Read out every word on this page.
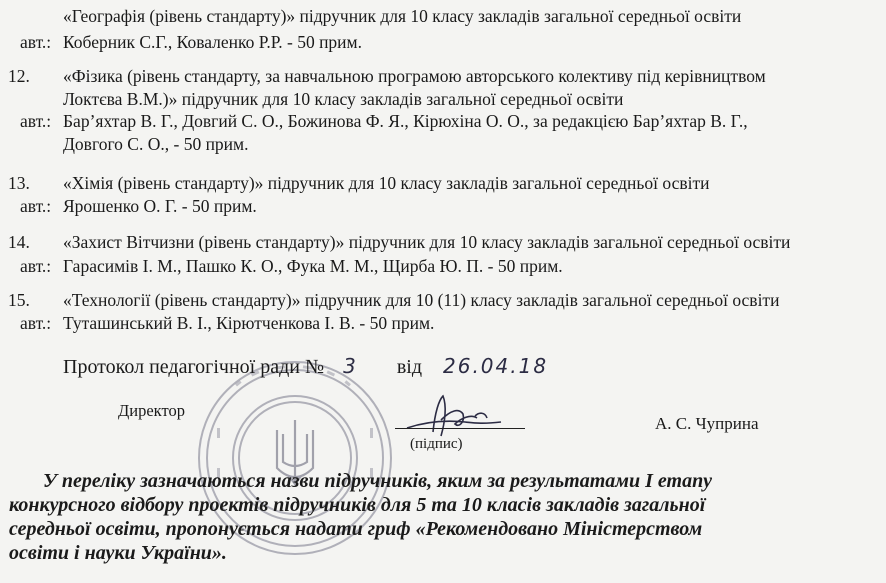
«Географія (рівень стандарту)» підручник для 10 класу закладів загальної середньої освіти
авт.: Коберник С.Г., Коваленко Р.Р. - 50 прим.
12. «Фізика (рівень стандарту, за навчальною програмою авторського колективу під керівництвом
Локтєва В.М.)» підручник для 10 класу закладів загальної середньої освіти
авт.: Бар’яхтар В. Г., Довгий С. О., Божинова Ф. Я., Кірюхіна О. О., за редакцією Бар’яхтар В. Г.,
Довгого С. О., - 50 прим.
13. «Хімія (рівень стандарту)» підручник для 10 класу закладів загальної середньої освіти
авт.: Ярошенко О. Г. - 50 прим.
14. «Захист Вітчизни (рівень стандарту)» підручник для 10 класу закладів загальної середньої освіти
авт.: Гарасимів І. М., Пашко К. О., Фука М. М., Щирба Ю. П. - 50 прим.
15. «Технології (рівень стандарту)» підручник для 10 (11) класу закладів загальної середньої освіти
авт.: Туташинський В. І., Кірютченкова І. В. - 50 прим.
Протокол педагогічної ради № 3 від 26.04.18
Директор
(підпис)
А. С. Чуприна
У переліку зазначаються назви підручників, яким за результатами І етапу
конкурсного відбору проектів підручників для 5 та 10 класів закладів загальної
середньої освіти, пропонується надати гриф «Рекомендовано Міністерством
освіти і науки України».
